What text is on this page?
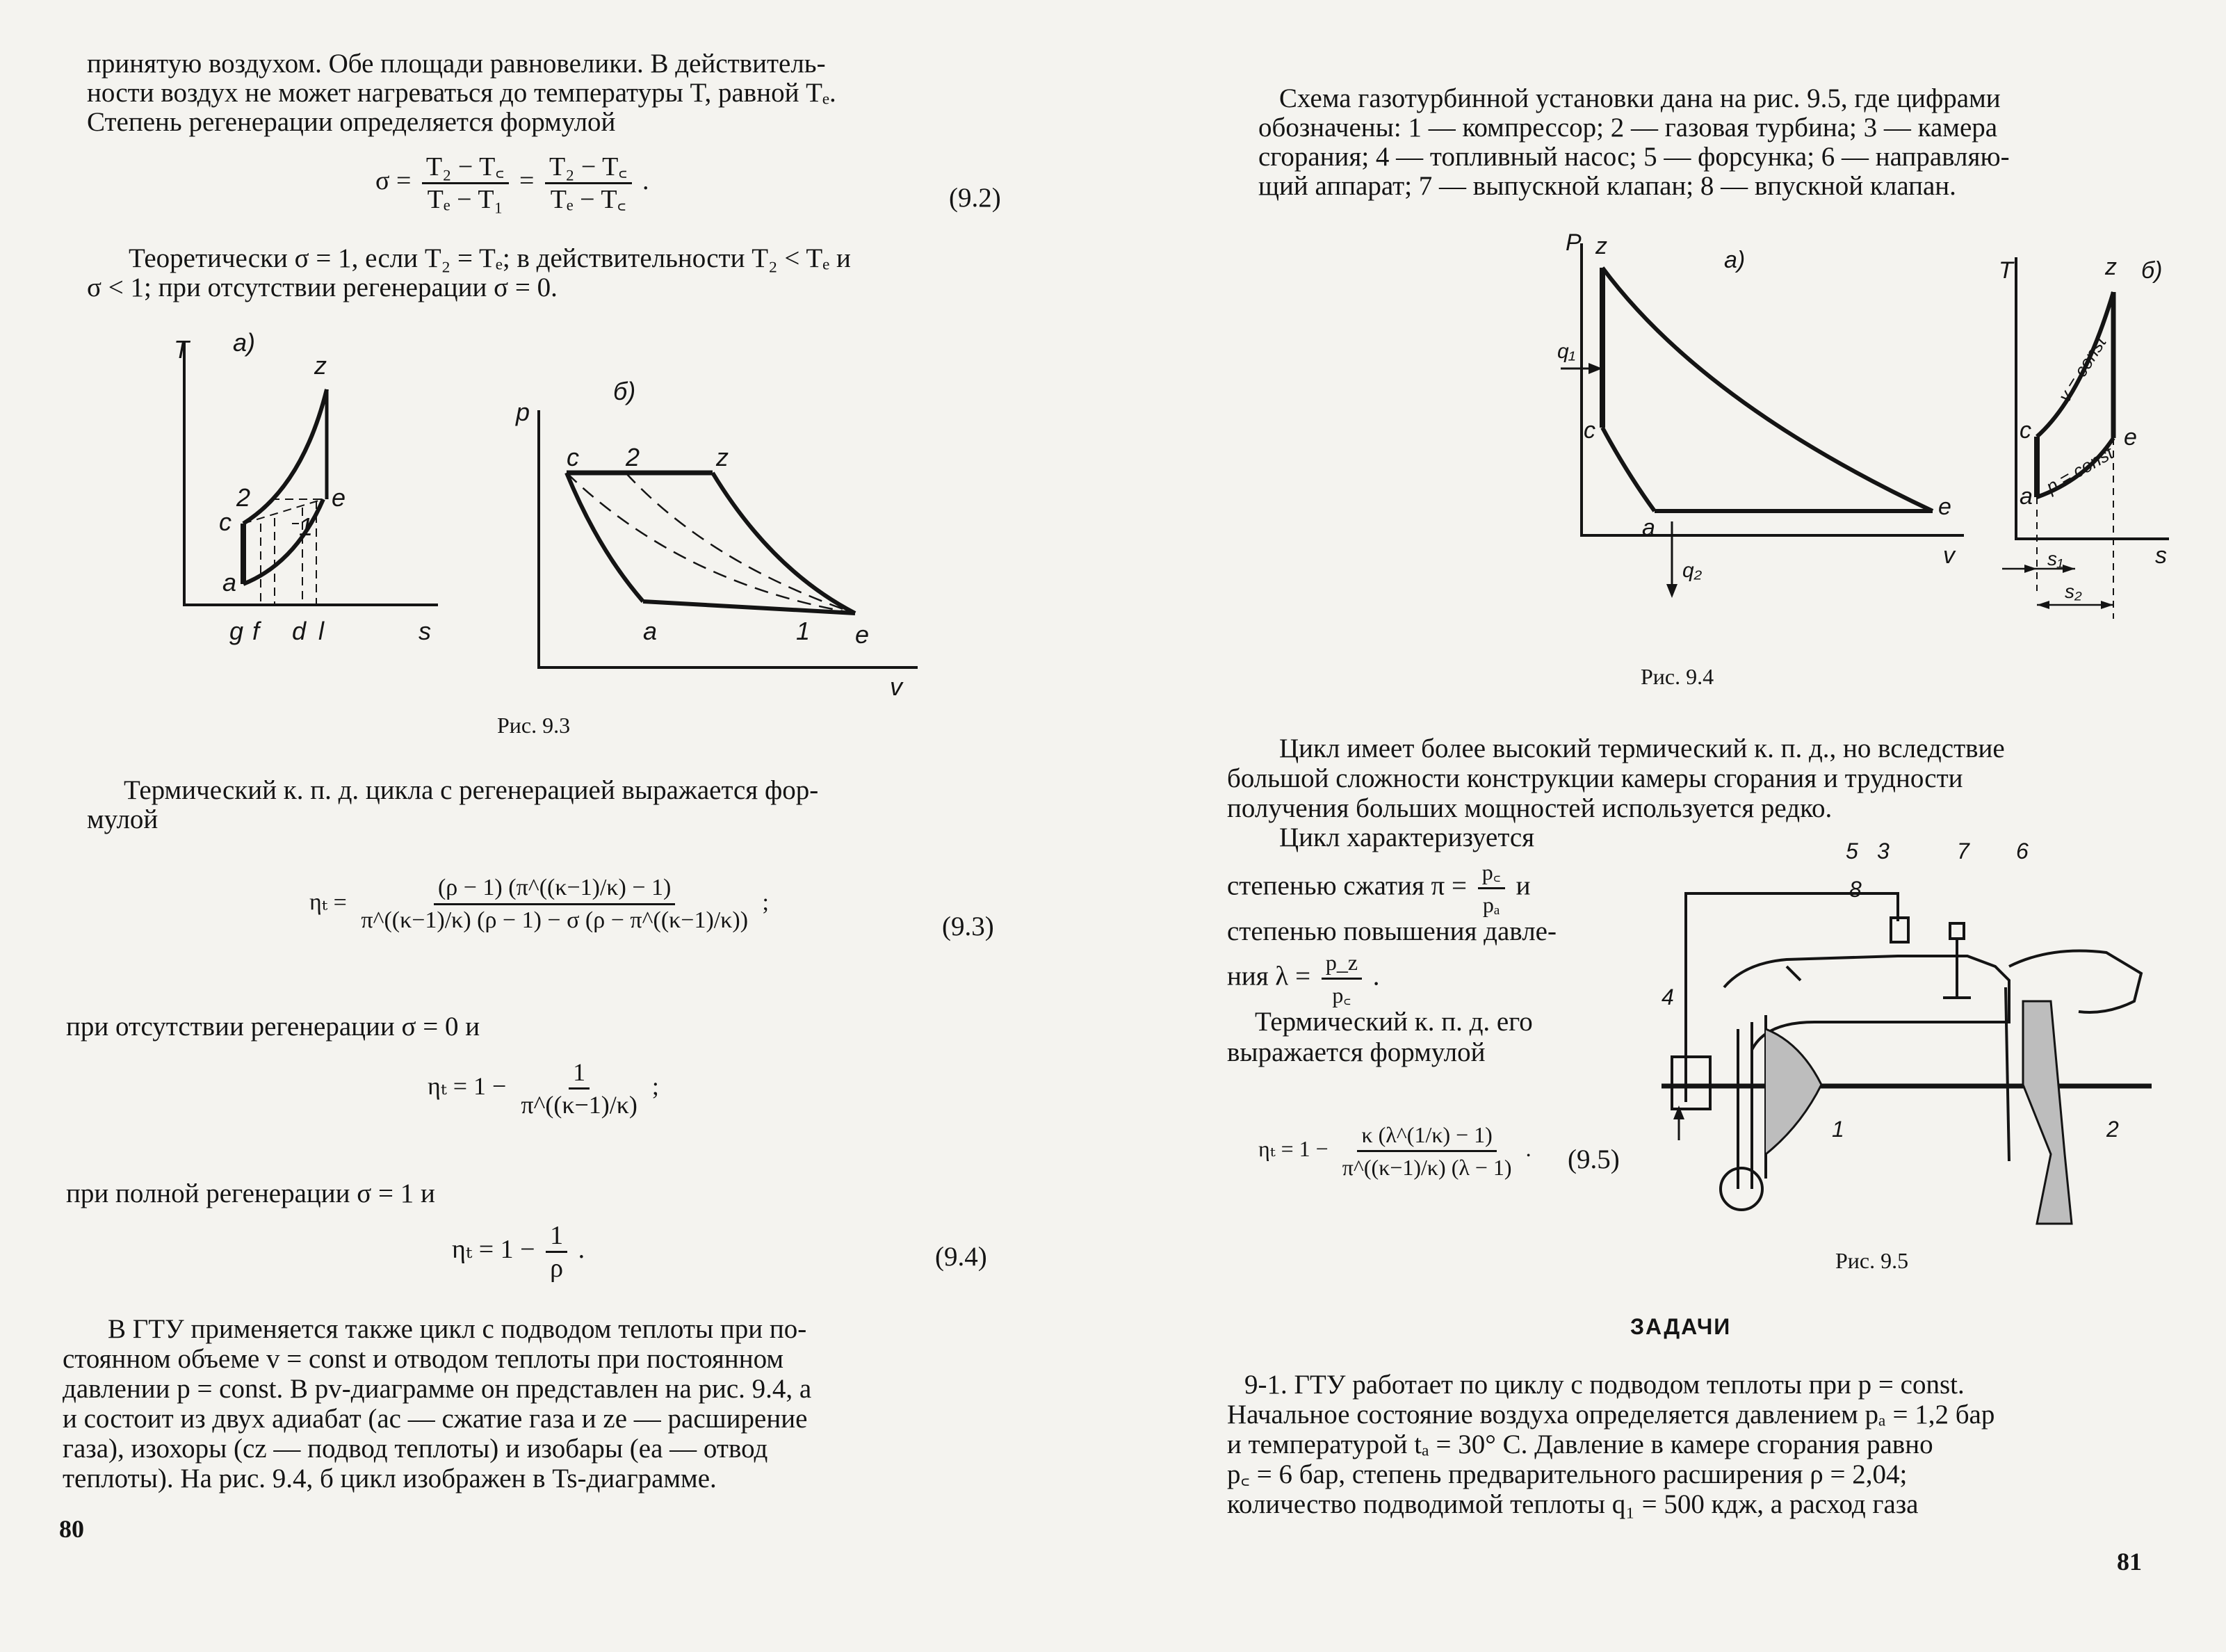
принятую воздухом. Обе площади равновелики. В действитель-
ности воздух не может нагреваться до температуры T, равной Tₑ.
Степень регенерации определяется формулой
$\sigma = \frac{\text{T₂ − T꜀}}{\text{Tₑ − T₁}} = \frac{\text{T₂ − T꜀}}{\text{Tₑ − T꜀}}$ .
(9.2)
Теоретически σ = 1, если T₂ = Tₑ; в действительности T₂ < Tₑ и
σ < 1; при отсутствии регенерации σ = 0.
T а)
z
2	e
c	1
a
g f d l	s
p
б)
c 2	z
a	1 e
v
Рис. 9.3
Термический к. п. д. цикла с регенерацией выражается фор-
мулой
$\eta_t = \frac{(\rho - 1) (\pi\^{}((\kappa-1)/\kappa) - 1)}{\pi\^{}((\kappa-1)/\kappa) (\rho - 1) - \sigma (\rho - \pi\^{}((\kappa-1)/\kappa))}$ ;
(9.3)
при отсутствии регенерации σ = 0 и
$\eta_t = 1 - \frac{1}{\pi\^{}((\kappa-1)/\kappa)}$ ;
при полной регенерации σ = 1 и
$\eta_t = 1 - \frac{1}{\rho}$ .	(9.4)
В ГТУ применяется также цикл с подводом теплоты при по-
стоянном объеме v = const и отводом теплоты при постоянном
давлении p = const. В pv-диаграмме он представлен на рис. 9.4, а
и состоит из двух адиабат (ac — сжатие газа и ze — расширение
газа), изохоры (cz — подвод теплоты) и изобары (ea — отвод
теплоты). На рис. 9.4, б цикл изображен в Ts-диаграмме.
80
Схема газотурбинной установки дана на рис. 9.5, где цифрами
обозначены: 1 — компрессор; 2 — газовая турбина; 3 — камера
сгорания; 4 — топливный насос; 5 — форсунка; 6 — направляю-
щий аппарат; 7 — выпускной клапан; 8 — впускной клапан.
P z
а)
q₁
c
a
e
v
q₂
T	z б)
c	e
a
s
s₁
s₂
v = const
p = const
Рис. 9.4
Цикл имеет более высокий термический к. п. д., но вследствие
большой сложности конструкции камеры сгорания и трудности
получения больших мощностей используется редко.
Цикл характеризуется
степенью сжатия $\pi = \frac{p꜀}{\text{pₐ}}$ и
степенью повышения давле-
ния $\lambda = \frac{p\_z}{p꜀}$ .
Термический к. п. д. его
выражается формулой
$\eta_t = 1 - \frac{\kappa (\lambda\^{}(1/\kappa) - 1)}{\pi\^{}((\kappa-1)/\kappa) (\lambda - 1)}$ . (9.5)
5 3	7 6
8
4
1	2
Рис. 9.5
ЗАДАЧИ
9-1. ГТУ работает по циклу с подводом теплоты при p = const.
Начальное состояние воздуха определяется давлением pₐ = 1,2 бар
и температурой tₐ = 30° C. Давление в камере сгорания равно
p꜀ = 6 бар, степень предварительного расширения ρ = 2,04;
количество подводимой теплоты q₁ = 500 кдж, а расход газа
81
